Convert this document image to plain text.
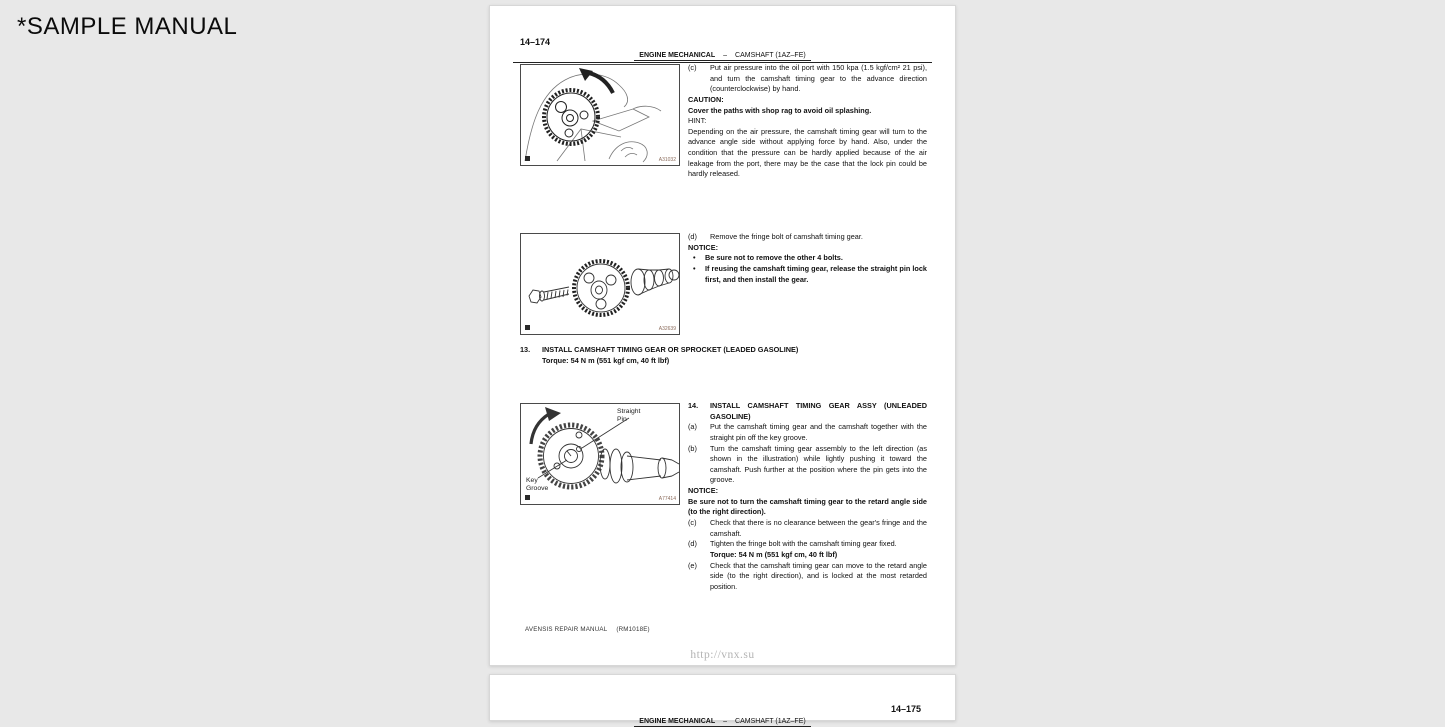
*SAMPLE MANUAL
14–174
ENGINE MECHANICAL – CAMSHAFT (1AZ–FE)
A31032
A32639
Straight Pin
Key Groove
A77414
(c)	Put air pressure into the oil port with 150 kpa (1.5 kgf/cm² 21 psi), and turn the camshaft timing gear to the advance direction (counterclockwise) by hand.
CAUTION:
Cover the paths with shop rag to avoid oil splashing.
HINT:
Depending on the air pressure, the camshaft timing gear will turn to the advance angle side without applying force by hand. Also, under the condition that the pressure can be hardly applied because of the air leakage from the port, there may be the case that the lock pin could be hardly released.
(d)	Remove the fringe bolt of camshaft timing gear.
NOTICE:
•	Be sure not to remove the other 4 bolts.
•	If reusing the camshaft timing gear, release the straight pin lock first, and then install the gear.
13.	INSTALL CAMSHAFT TIMING GEAR OR SPROCKET (LEADED GASOLINE)
Torque: 54 N m (551 kgf cm, 40 ft lbf)
14.	INSTALL CAMSHAFT TIMING GEAR ASSY (UNLEADED GASOLINE)
(a)	Put the camshaft timing gear and the camshaft together with the straight pin off the key groove.
(b)	Turn the camshaft timing gear assembly to the left direction (as shown in the illustration) while lightly pushing it toward the camshaft. Push further at the position where the pin gets into the groove.
NOTICE:
Be sure not to turn the camshaft timing gear to the retard angle side (to the right direction).
(c)	Check that there is no clearance between the gear's fringe and the camshaft.
(d)	Tighten the fringe bolt with the camshaft timing gear fixed.
Torque: 54 N m (551 kgf cm, 40 ft lbf)
(e)	Check that the camshaft timing gear can move to the retard angle side (to the right direction), and is locked at the most retarded position.
AVENSIS REPAIR MANUAL (RM1018E)
http://vnx.su
14–175
ENGINE MECHANICAL – CAMSHAFT (1AZ–FE)
